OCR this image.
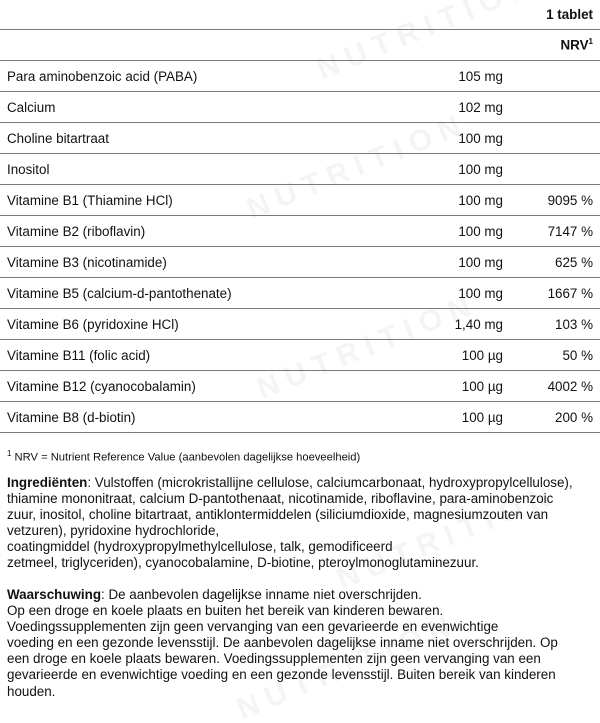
		1 tablet
		NRV$^1$
Para aminobenzoic acid (PABA)	105 mg	
Calcium	102 mg	
Choline bitartraat	100 mg	
Inositol	100 mg	
Vitamine B1 (Thiamine HCl)	100 mg	9095 %
Vitamine B2 (riboflavin)	100 mg	7147 %
Vitamine B3 (nicotinamide)	100 mg	625 %
Vitamine B5 (calcium-d-pantothenate)	100 mg	1667 %
Vitamine B6 (pyridoxine HCl)	1,40 mg	103 %
Vitamine B11 (folic acid)	100 µg	50 %
Vitamine B12 (cyanocobalamin)	100 µg	4002 %
Vitamine B8 (d-biotin)	100 µg	200 %
$^1$ NRV = Nutrient Reference Value (aanbevolen dagelijkse hoeveelheid)
Ingrediënten: Vulstoffen (microkristallijne cellulose, calciumcarbonaat, hydroxypropylcellulose),
thiamine mononitraat, calcium D-pantothenaat, nicotinamide, riboflavine, para-aminobenzoic
zuur, inositol, choline bitartraat, antiklontermiddelen (siliciumdioxide, magnesiumzouten van
vetzuren), pyridoxine hydrochloride,
coatingmiddel (hydroxypropylmethylcellulose, talk, gemodificeerd
zetmeel, triglyceriden), cyanocobalamine, D-biotine, pteroylmonoglutaminezuur.
Waarschuwing: De aanbevolen dagelijkse inname niet overschrijden.
Op een droge en koele plaats en buiten het bereik van kinderen bewaren.
Voedingssupplementen zijn geen vervanging van een gevarieerde en evenwichtige
voeding en een gezonde levensstijl. De aanbevolen dagelijkse inname niet overschrijden. Op
een droge en koele plaats bewaren. Voedingssupplementen zijn geen vervanging van een
gevarieerde en evenwichtige voeding en een gezonde levensstijl. Buiten bereik van kinderen
houden.
